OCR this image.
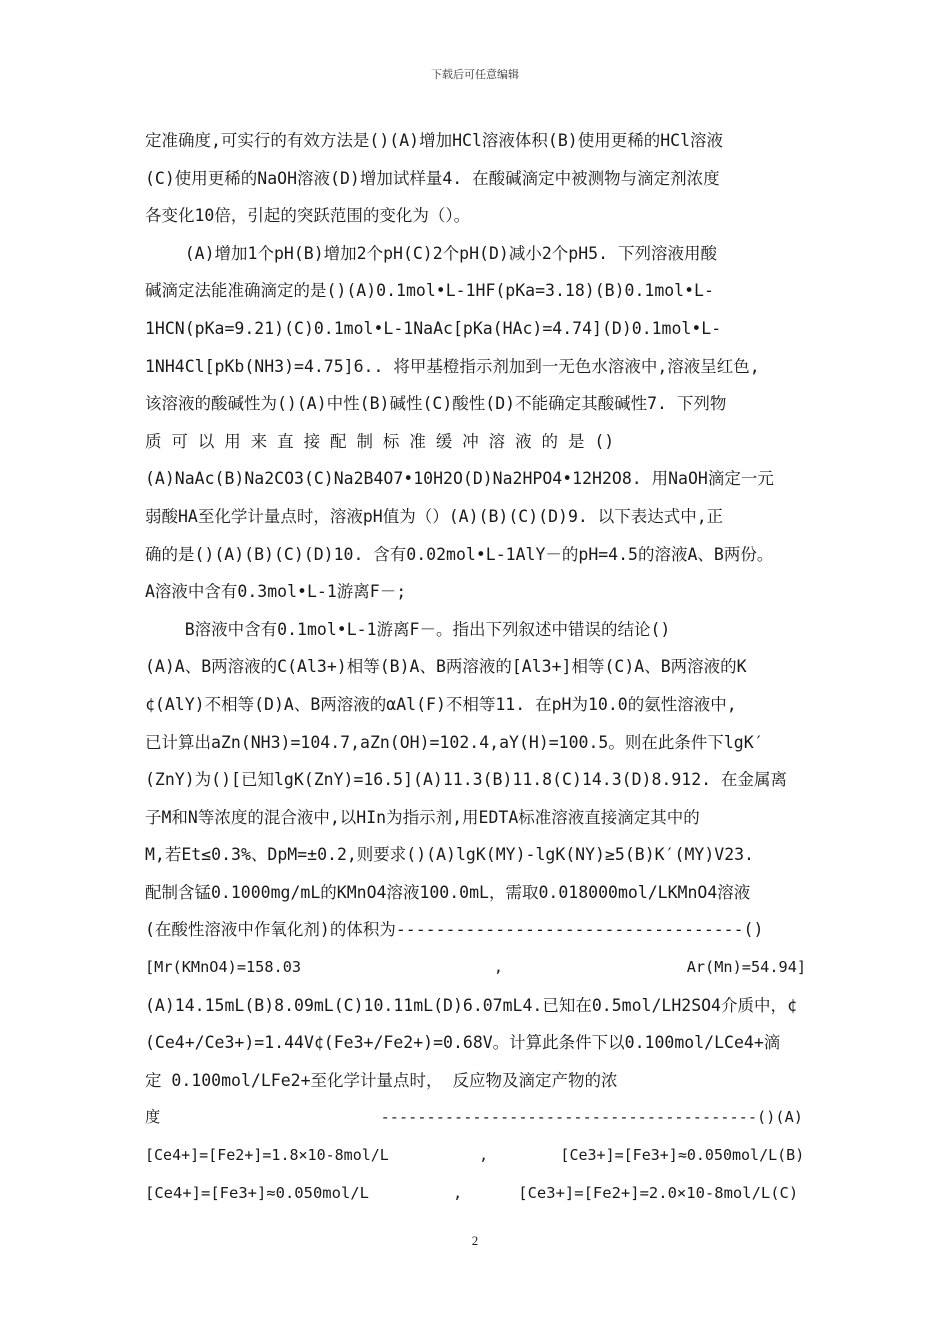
下载后可任意编辑
定准确度,可实行的有效方法是()(A)增加HCl溶液体积(B)使用更稀的HCl溶液
(C)使用更稀的NaOH溶液(D)增加试样量4. 在酸碱滴定中被测物与滴定剂浓度
各变化10倍，引起的突跃范围的变化为（）。
(A)增加1个pH(B)增加2个pH(C)2个pH(D)减小2个pH5. 下列溶液用酸
碱滴定法能准确滴定的是()(A)0.1mol•L-1HF(pKa=3.18)(B)0.1mol•L-
1HCN(pKa=9.21)(C)0.1mol•L-1NaAc[pKa(HAc)=4.74](D)0.1mol•L-
1NH4Cl[pKb(NH3)=4.75]6.. 将甲基橙指示剂加到一无色水溶液中,溶液呈红色,
该溶液的酸碱性为()(A)中性(B)碱性(C)酸性(D)不能确定其酸碱性7. 下列物
质 可 以 用 来 直 接 配 制 标 准 缓 冲 溶 液 的 是 ()
(A)NaAc(B)Na2CO3(C)Na2B4O7•10H2O(D)Na2HPO4•12H2O8. 用NaOH滴定一元
弱酸HA至化学计量点时，溶液pH值为（）(A)(B)(C)(D)9. 以下表达式中,正
确的是()(A)(B)(C)(D)10. 含有0.02mol•L-1AlY－的pH=4.5的溶液A、B两份。
A溶液中含有0.3mol•L-1游离F－;
B溶液中含有0.1mol•L-1游离F－。指出下列叙述中错误的结论()
(A)A、B两溶液的C(Al3+)相等(B)A、B两溶液的[Al3+]相等(C)A、B两溶液的K
¢(AlY)不相等(D)A、B两溶液的αAl(F)不相等11. 在pH为10.0的氨性溶液中,
已计算出aZn(NH3)=104.7,aZn(OH)=102.4,aY(H)=100.5。则在此条件下lgK′
(ZnY)为()[已知lgK(ZnY)=16.5](A)11.3(B)11.8(C)14.3(D)8.912. 在金属离
子M和N等浓度的混合液中,以HIn为指示剂,用EDTA标准溶液直接滴定其中的
M,若Et≤0.3%、DpM=±0.2,则要求()(A)lgK(MY)-lgK(NY)≥5(B)K′(MY)V23.
配制含锰0.1000mg/mL的KMnO4溶液100.0mL，需取0.018000mol/LKMnO4溶液
(在酸性溶液中作氧化剂)的体积为-----------------------------------()
[Mr(KMnO4)=158.03                     ,                    Ar(Mn)=54.94]
(A)14.15mL(B)8.09mL(C)10.11mL(D)6.07mL4.已知在0.5mol/LH2SO4介质中，¢
(Ce4+/Ce3+)=1.44V¢(Fe3+/Fe2+)=0.68V。计算此条件下以0.100mol/LCe4+滴
定 0.100mol/LFe2+至化学计量点时， 反应物及滴定产物的浓
度                        -----------------------------------------()(A)
[Ce4+]=[Fe2+]=1.8×10-8mol/L          ,        [Ce3+]=[Fe3+]≈0.050mol/L(B)
[Ce4+]=[Fe3+]≈0.050mol/L         ,      [Ce3+]=[Fe2+]=2.0×10-8mol/L(C)
2
